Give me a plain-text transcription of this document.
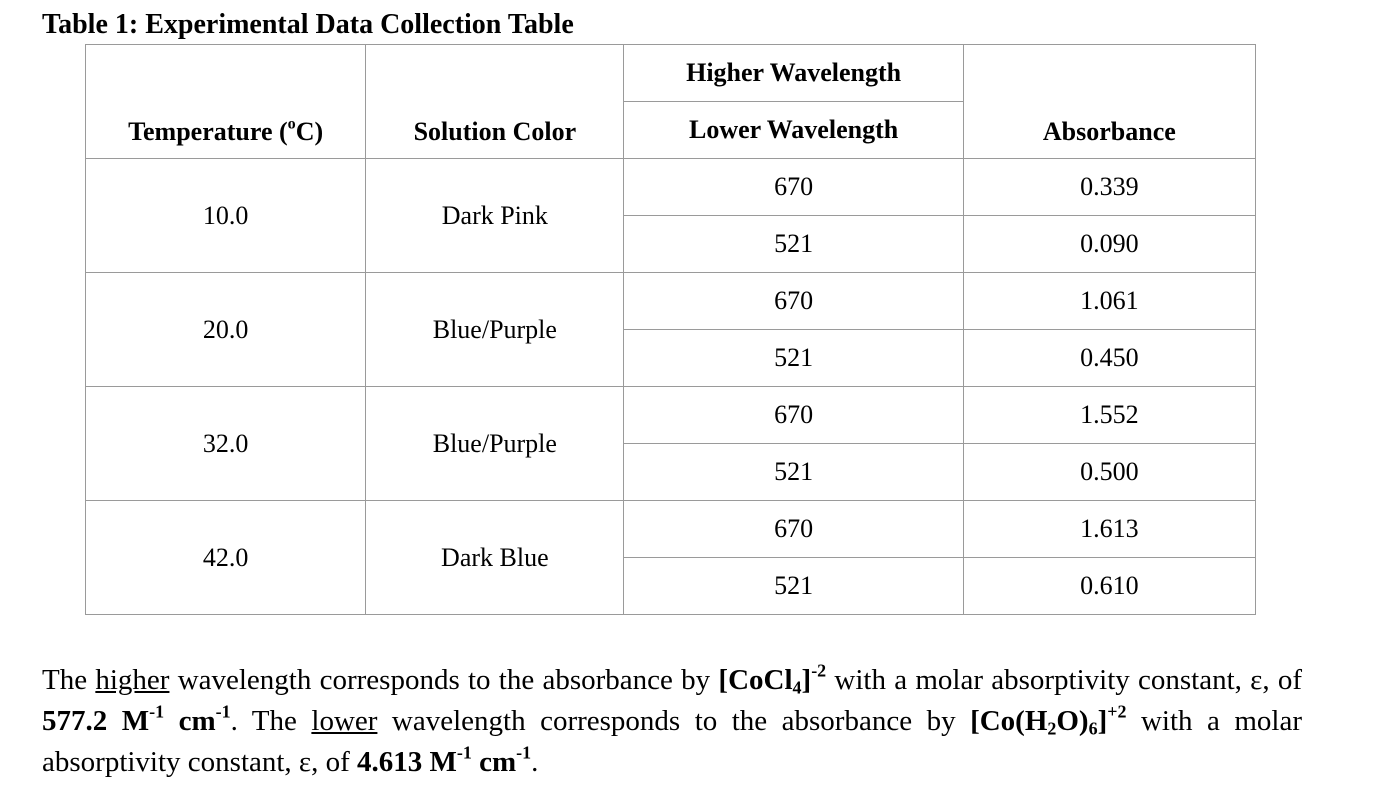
Table 1: Experimental Data Collection Table
Temperature ($^o$C)	Solution Color	Higher Wavelength	Absorbance
		Lower Wavelength	
10.0	Dark Pink	670	0.339
		521	0.090
20.0	Blue/Purple	670	1.061
		521	0.450
32.0	Blue/Purple	670	1.552
		521	0.500
42.0	Dark Blue	670	1.613
		521	0.610
The higher wavelength corresponds to the absorbance by [CoCl$_4$]$^{-2}$ with a molar absorptivity constant, ε, of 577.2 $M^{-1}$ $cm^{-1}$. The lower wavelength corresponds to the absorbance by $[Co(H_2O)_6]^{+2}$ with a molar absorptivity constant, ε, of 4.613 $M^{-1}$ $cm^{-1}$.
